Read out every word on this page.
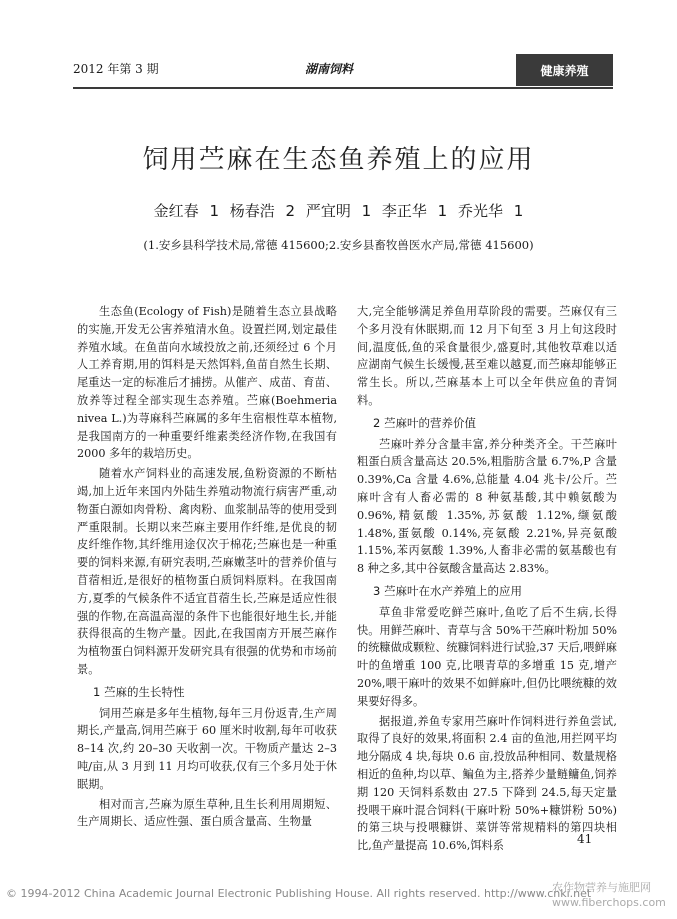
2012 年第 3 期	湖南饲料	健康养殖
饲用苎麻在生态鱼养殖上的应用
金红春 1 杨春浩 2 严宜明 1 李正华 1 乔光华 1
(1.安乡县科学技术局,常德 415600;2.安乡县畜牧兽医水产局,常德 415600)

生态鱼(Ecology of Fish)是随着生态立县战略的实施,开发无公害养殖清水鱼。设置拦网,划定最佳养殖水域。在鱼苗向水域投放之前,还须经过 6 个月人工养育期,用的饵料是天然饵料,鱼苗自然生长期、尾重达一定的标准后才捕捞。从催产、成苗、育苗、放养等过程全部实现生态养殖。苎麻(Boehmeria nivea L.)为荨麻科苎麻属的多年生宿根性草本植物,是我国南方的一种重要纤维素类经济作物,在我国有 2000 多年的栽培历史。

随着水产饲料业的高速发展,鱼粉资源的不断枯竭,加上近年来国内外陆生养殖动物流行病害严重,动物蛋白源如肉骨粉、禽肉粉、血浆制品等的使用受到严重限制。长期以来苎麻主要用作纤维,是优良的韧皮纤维作物,其纤维用途仅次于棉花;苎麻也是一种重要的饲料来源,有研究表明,苎麻嫩茎叶的营养价值与苜蓿相近,是很好的植物蛋白质饲料原料。在我国南方,夏季的气候条件不适宜苜蓿生长,苎麻是适应性很强的作物,在高温高湿的条件下也能很好地生长,并能获得很高的生物产量。因此,在我国南方开展苎麻作为植物蛋白饲料源开发研究具有很强的优势和市场前景。

1 苎麻的生长特性

饲用苎麻是多年生植物,每年三月份返青,生产周期长,产量高,饲用苎麻于 60 厘米时收割,每年可收获 8–14 次,约 20–30 天收割一次。干物质产量达 2–3 吨/亩,从 3 月到 11 月均可收获,仅有三个多月处于休眠期。

相对而言,苎麻为原生草种,且生长利用周期短、生产周期长、适应性强、蛋白质含量高、生物量

大,完全能够满足养鱼用草阶段的需要。苎麻仅有三个多月没有休眠期,而 12 月下旬至 3 月上旬这段时间,温度低,鱼的采食量很少,盛夏时,其他牧草难以适应湖南气候生长缓慢,甚至难以越夏,而苎麻却能够正常生长。所以,苎麻基本上可以全年供应鱼的青饲料。

2 苎麻叶的营养价值

苎麻叶养分含量丰富,养分种类齐全。干苎麻叶粗蛋白质含量高达 20.5%,粗脂肪含量 6.7%,P 含量 0.39%,Ca 含量 4.6%,总能量 4.04 兆卡/公斤。苎麻叶含有人畜必需的 8 种氨基酸,其中赖氨酸为 0.96%,精氨酸 1.35%,苏氨酸 1.12%,缬氨酸 1.48%,蛋氨酸 0.14%,亮氨酸 2.21%,异亮氨酸 1.15%,苯丙氨酸 1.39%,人畜非必需的氨基酸也有 8 种之多,其中谷氨酸含量高达 2.83%。

3 苎麻叶在水产养殖上的应用

草鱼非常爱吃鲜苎麻叶,鱼吃了后不生病,长得快。用鲜苎麻叶、青草与含 50%干苎麻叶粉加 50%的统糠做成颗粒、统糠饲料进行试验,37 天后,喂鲜麻叶的鱼增重 100 克,比喂青草的多增重 15 克,增产 20%,喂干麻叶的效果不如鲜麻叶,但仍比喂统糠的效果要好得多。

据报道,养鱼专家用苎麻叶作饲料进行养鱼尝试,取得了良好的效果,将面积 2.4 亩的鱼池,用拦网平均地分隔成 4 块,每块 0.6 亩,投放品种相同、数量规格相近的鱼种,均以草、鳊鱼为主,搭养少量鲢鳙鱼,饲养期 120 天饲料系数由 27.5 下降到 24.5,每天定量投喂干麻叶混合饲料(干麻叶粉 50%+糠饼粉 50%)的第三块与投喂糠饼、菜饼等常规精料的第四块相比,鱼产量提高 10.6%,饵料系	41
© 1994-2012 China Academic Journal Electronic Publishing House. All rights reserved. http://www.cnki.net
农作物营养与施肥网 www.fiberchops.com
